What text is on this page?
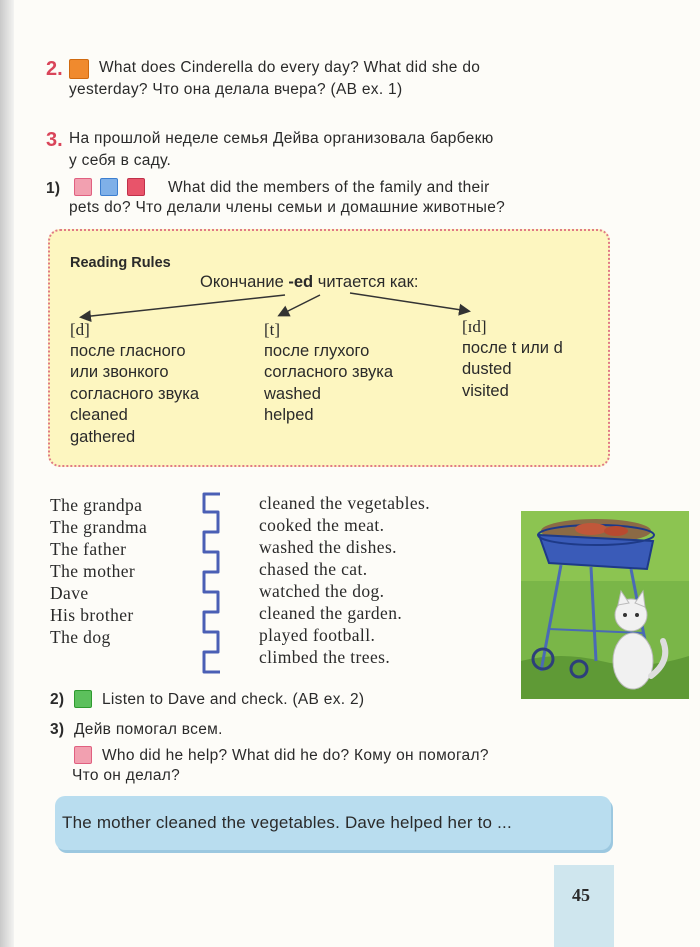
2. What does Cinderella do every day? What did she do
yesterday? Что она делала вчера? (AB ex. 1)
3. На прошлой неделе семья Дейва организовала барбекю
у себя в саду.
1)
	What did the members of the family and their
pets do? Что делали члены семьи и домашние животные?
Reading Rules
Окончание -ed читается как:
[d]
после гласного
или звонкого
согласного звука
cleaned
gathered
[t]
после глухого
согласного звука
washed
helped
[ɪd]
после t или d
dusted
visited
The grandpa
The grandma
The father
The mother
Dave
His brother
The dog
cleaned the vegetables.
cooked the meat.
washed the dishes.
chased the cat.
watched the dog.
cleaned the garden.
played football.
climbed the trees.
2) Listen to Dave and check. (AB ex. 2)
3) Дейв помогал всем.
Who did he help? What did he do? Кому он помогал?
Что он делал?
The mother cleaned the vegetables. Dave helped her to ...
45
